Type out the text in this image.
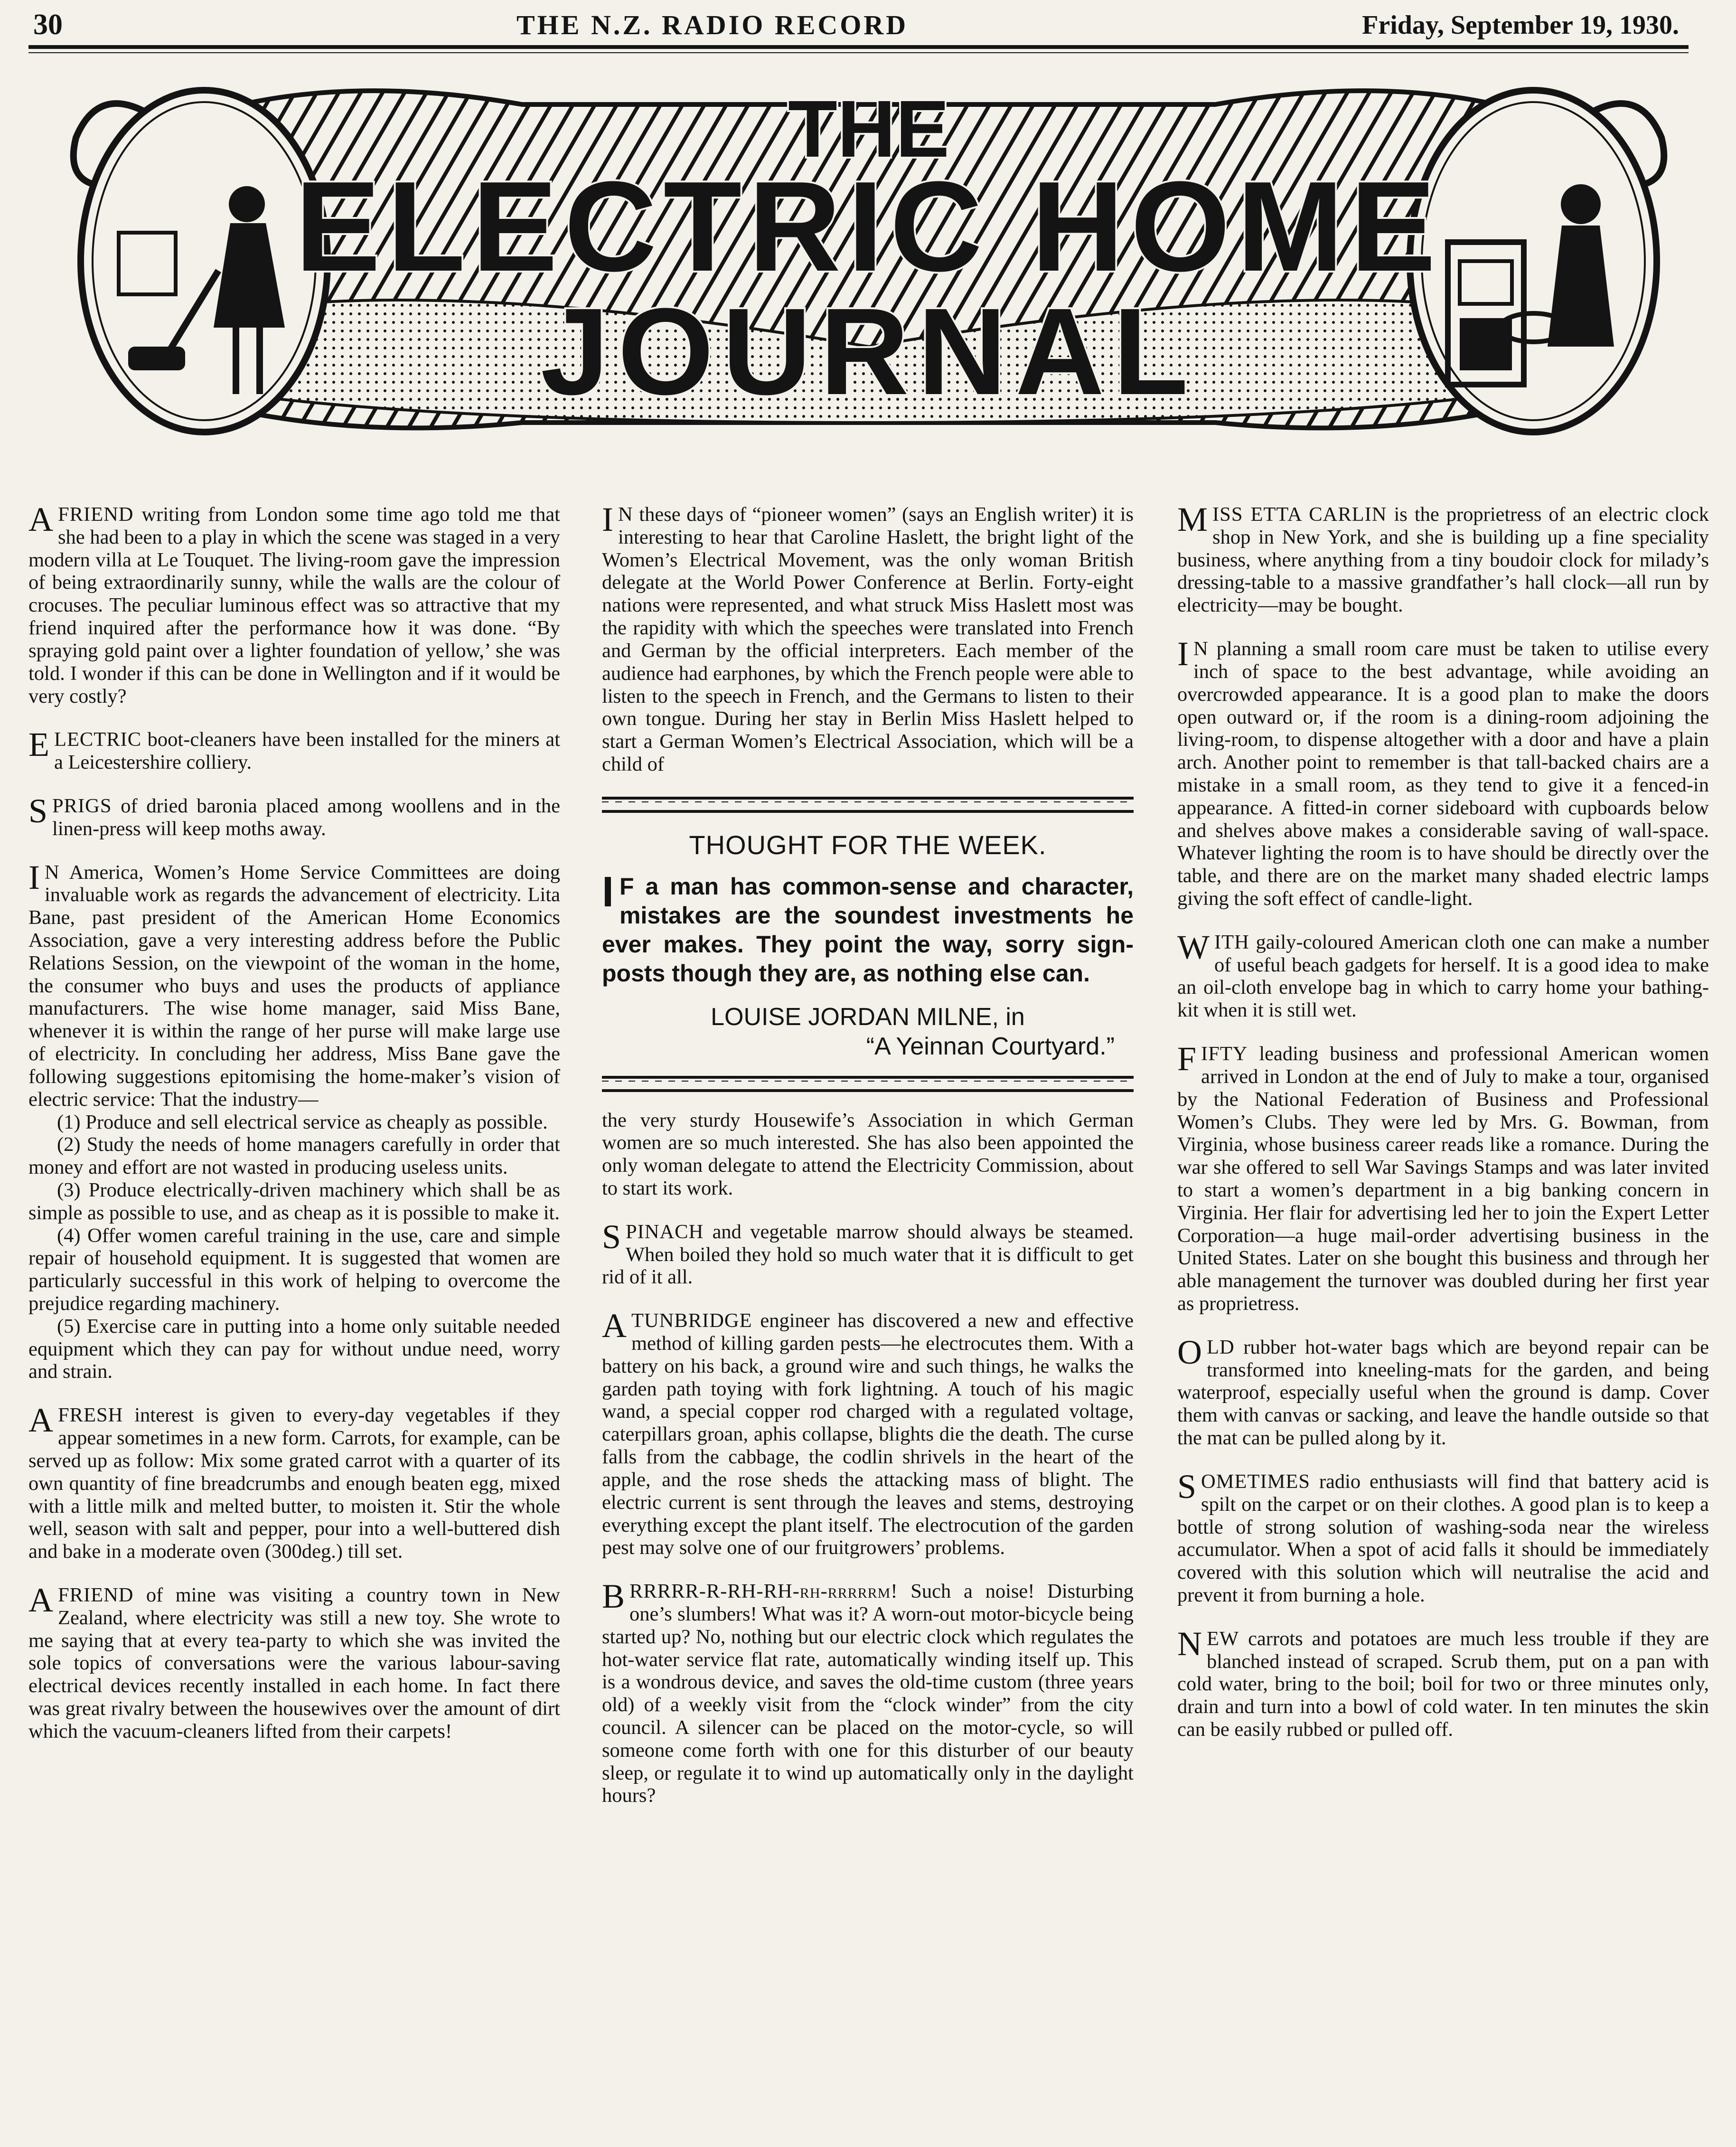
30	THE N.Z. RADIO RECORD	Friday, September 19, 1930.
THE
ELECTRIC HOME
JOURNAL

AFRIEND writing from London some time ago told me that she had been to a play in which the scene was staged in a very modern villa at Le Touquet. The living-room gave the impression of being extraordinarily sunny, while the walls are the colour of crocuses. The peculiar luminous effect was so attractive that my friend inquired after the performance how it was done. “By spraying gold paint over a lighter foundation of yellow,’ she was told. I wonder if this can be done in Wellington and if it would be very costly?

ELECTRIC boot-cleaners have been installed for the miners at a Leicestershire colliery.

SPRIGS of dried baronia placed among woollens and in the linen-press will keep moths away.

I N America, Women’s Home Service Committees are doing invaluable work as regards the advancement of electricity. Lita Bane, past president of the American Home Economics Association, gave a very interesting address before the Public Relations Session, on the viewpoint of the woman in the home, the consumer who buys and uses the products of appliance manufacturers. The wise home manager, said Miss Bane, whenever it is within the range of her purse will make large use of electricity. In concluding her address, Miss Bane gave the following suggestions epitomising the home-maker’s vision of electric service: That the industry—

(1) Produce and sell electrical service as cheaply as possible.
(2) Study the needs of home managers carefully in order that money and effort are not wasted in producing useless units.
(3) Produce electrically-driven machinery which shall be as simple as possible to use, and as cheap as it is possible to make it.
(4) Offer women careful training in the use, care and simple repair of household equipment. It is suggested that women are particularly successful in this work of helping to overcome the prejudice regarding machinery.
(5) Exercise care in putting into a home only suitable needed equipment which they can pay for without undue need, worry and strain.

AFRESH interest is given to every-day vegetables if they appear sometimes in a new form. Carrots, for example, can be served up as follow: Mix some grated carrot with a quarter of its own quantity of fine breadcrumbs and enough beaten egg, mixed with a little milk and melted butter, to moisten it. Stir the whole well, season with salt and pepper, pour into a well-buttered dish and bake in a moderate oven (300deg.) till set.

AFRIEND of mine was visiting a country town in New Zealand, where electricity was still a new toy. She wrote to me saying that at every tea-party to which she was invited the sole topics of conversations were the various labour-saving electrical devices recently installed in each home. In fact there was great rivalry between the housewives over the amount of dirt which the vacuum-cleaners lifted from their carpets!

I N these days of “pioneer women” (says an English writer) it is interesting to hear that Caroline Haslett, the bright light of the Women’s Electrical Movement, was the only woman British delegate at the World Power Conference at Berlin. Forty-eight nations were represented, and what struck Miss Haslett most was the rapidity with which the speeches were translated into French and German by the official interpreters. Each member of the audience had earphones, by which the French people were able to listen to the speech in French, and the Germans to listen to their own tongue. During her stay in Berlin Miss Haslett helped to start a German Women’s Electrical Association, which will be a child of

THOUGHT FOR THE WEEK.
I F a man has common-sense and character, mistakes are the soundest investments he ever makes. They point the way, sorry sign-posts though they are, as nothing else can.
LOUISE JORDAN MILNE, in
“A Yeinnan Courtyard.”

the very sturdy Housewife’s Association in which German women are so much interested. She has also been appointed the only woman delegate to attend the Electricity Commission, about to start its work.

SPINACH and vegetable marrow should always be steamed. When boiled they hold so much water that it is difficult to get rid of it all.

ATUNBRIDGE engineer has discovered a new and effective method of killing garden pests—he electrocutes them. With a battery on his back, a ground wire and such things, he walks the garden path toying with fork lightning. A touch of his magic wand, a special copper rod charged with a regulated voltage, caterpillars groan, aphis collapse, blights die the death. The curse falls from the cabbage, the codlin shrivels in the heart of the apple, and the rose sheds the attacking mass of blight. The electric current is sent through the leaves and stems, destroying everything except the plant itself. The electrocution of the garden pest may solve one of our fruitgrowers’ problems.

BRRRRR-R-RH-RH-rh-rrrrrm! Such a noise! Disturbing one’s slumbers! What was it? A worn-out motor-bicycle being started up? No, nothing but our electric clock which regulates the hot-water service flat rate, automatically winding itself up. This is a wondrous device, and saves the old-time custom (three years old) of a weekly visit from the “clock winder” from the city council. A silencer can be placed on the motor-cycle, so will someone come forth with one for this disturber of our beauty sleep, or regulate it to wind up automatically only in the daylight hours?

MISS ETTA CARLIN is the proprietress of an electric clock shop in New York, and she is building up a fine speciality business, where anything from a tiny boudoir clock for milady’s dressing-table to a massive grandfather’s hall clock—all run by electricity—may be bought.

I N planning a small room care must be taken to utilise every inch of space to the best advantage, while avoiding an overcrowded appearance. It is a good plan to make the doors open outward or, if the room is a dining-room adjoining the living-room, to dispense altogether with a door and have a plain arch. Another point to remember is that tall-backed chairs are a mistake in a small room, as they tend to give it a fenced-in appearance. A fitted-in corner sideboard with cupboards below and shelves above makes a considerable saving of wall-space. Whatever lighting the room is to have should be directly over the table, and there are on the market many shaded electric lamps giving the soft effect of candle-light.

WITH gaily-coloured American cloth one can make a number of useful beach gadgets for herself. It is a good idea to make an oil-cloth envelope bag in which to carry home your bathing-kit when it is still wet.

FIFTY leading business and professional American women arrived in London at the end of July to make a tour, organised by the National Federation of Business and Professional Women’s Clubs. They were led by Mrs. G. Bowman, from Virginia, whose business career reads like a romance. During the war she offered to sell War Savings Stamps and was later invited to start a women’s department in a big banking concern in Virginia. Her flair for advertising led her to join the Expert Letter Corporation—a huge mail-order advertising business in the United States. Later on she bought this business and through her able management the turnover was doubled during her first year as proprietress.

OLD rubber hot-water bags which are beyond repair can be transformed into kneeling-mats for the garden, and being waterproof, especially useful when the ground is damp. Cover them with canvas or sacking, and leave the handle outside so that the mat can be pulled along by it.

SOMETIMES radio enthusiasts will find that battery acid is spilt on the carpet or on their clothes. A good plan is to keep a bottle of strong solution of washing-soda near the wireless accumulator. When a spot of acid falls it should be immediately covered with this solution which will neutralise the acid and prevent it from burning a hole.

NEW carrots and potatoes are much less trouble if they are blanched instead of scraped. Scrub them, put on a pan with cold water, bring to the boil; boil for two or three minutes only, drain and turn into a bowl of cold water. In ten minutes the skin can be easily rubbed or pulled off.
